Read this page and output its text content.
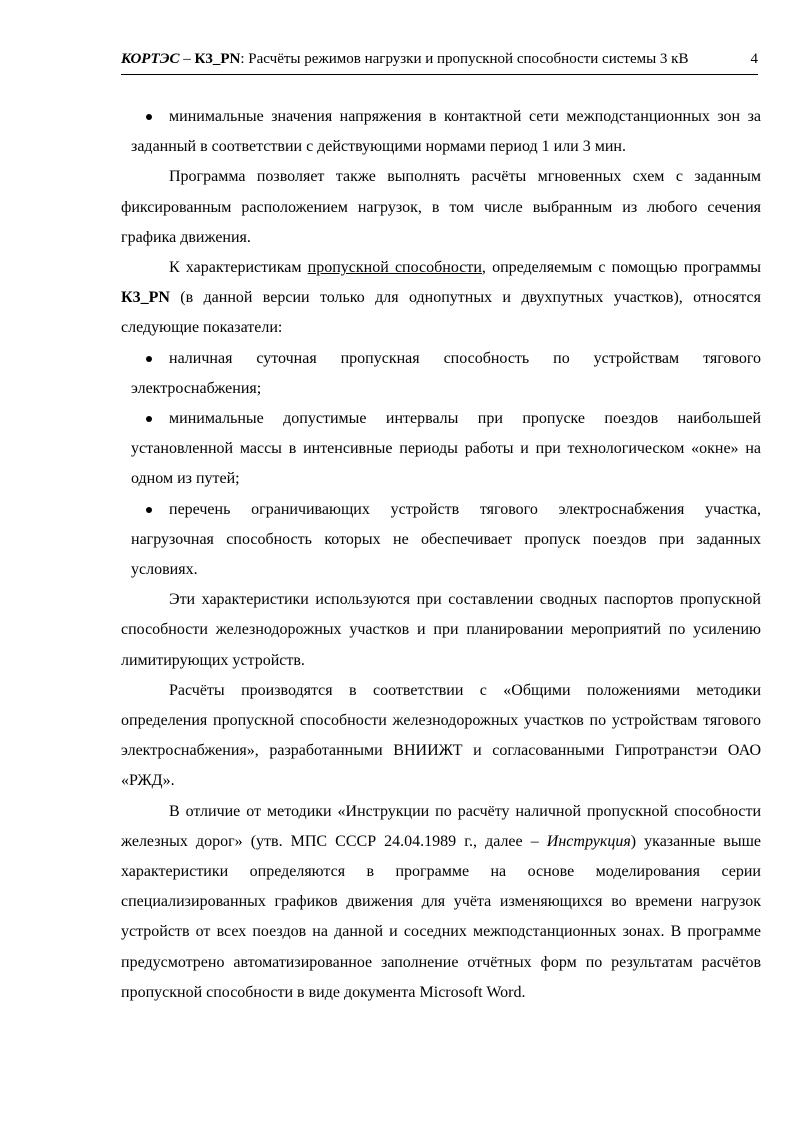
КОРТЭС – К3_PN: Расчёты режимов нагрузки и пропускной способности системы 3 кВ	4

минимальные значения напряжения в контактной сети межподстанционных зон за заданный в соответствии с действующими нормами период 1 или 3 мин.

Программа позволяет также выполнять расчёты мгновенных схем с заданным фиксированным расположением нагрузок, в том числе выбранным из любого сечения графика движения.

К характеристикам пропускной способности, определяемым с помощью программы К3_PN (в данной версии только для однопутных и двухпутных участков), относятся следующие показатели:

наличная суточная пропускная способность по устройствам тягового электроснабжения;

минимальные допустимые интервалы при пропуске поездов наибольшей установленной массы в интенсивные периоды работы и при технологическом «окне» на одном из путей;

перечень ограничивающих устройств тягового электроснабжения участка, нагрузочная способность которых не обеспечивает пропуск поездов при заданных условиях.

Эти характеристики используются при составлении сводных паспортов пропускной способности железнодорожных участков и при планировании мероприятий по усилению лимитирующих устройств.

Расчёты производятся в соответствии с «Общими положениями методики определения пропускной способности железнодорожных участков по устройствам тягового электроснабжения», разработанными ВНИИЖТ и согласованными Гипротранстэи ОАО «РЖД».

В отличие от методики «Инструкции по расчёту наличной пропускной способности железных дорог» (утв. МПС СССР 24.04.1989 г., далее – Инструкция) указанные выше характеристики определяются в программе на основе моделирования серии специализированных графиков движения для учёта изменяющихся во времени нагрузок устройств от всех поездов на данной и соседних межподстанционных зонах. В программе предусмотрено автоматизированное заполнение отчётных форм по результатам расчётов пропускной способности в виде документа Microsoft Word.
